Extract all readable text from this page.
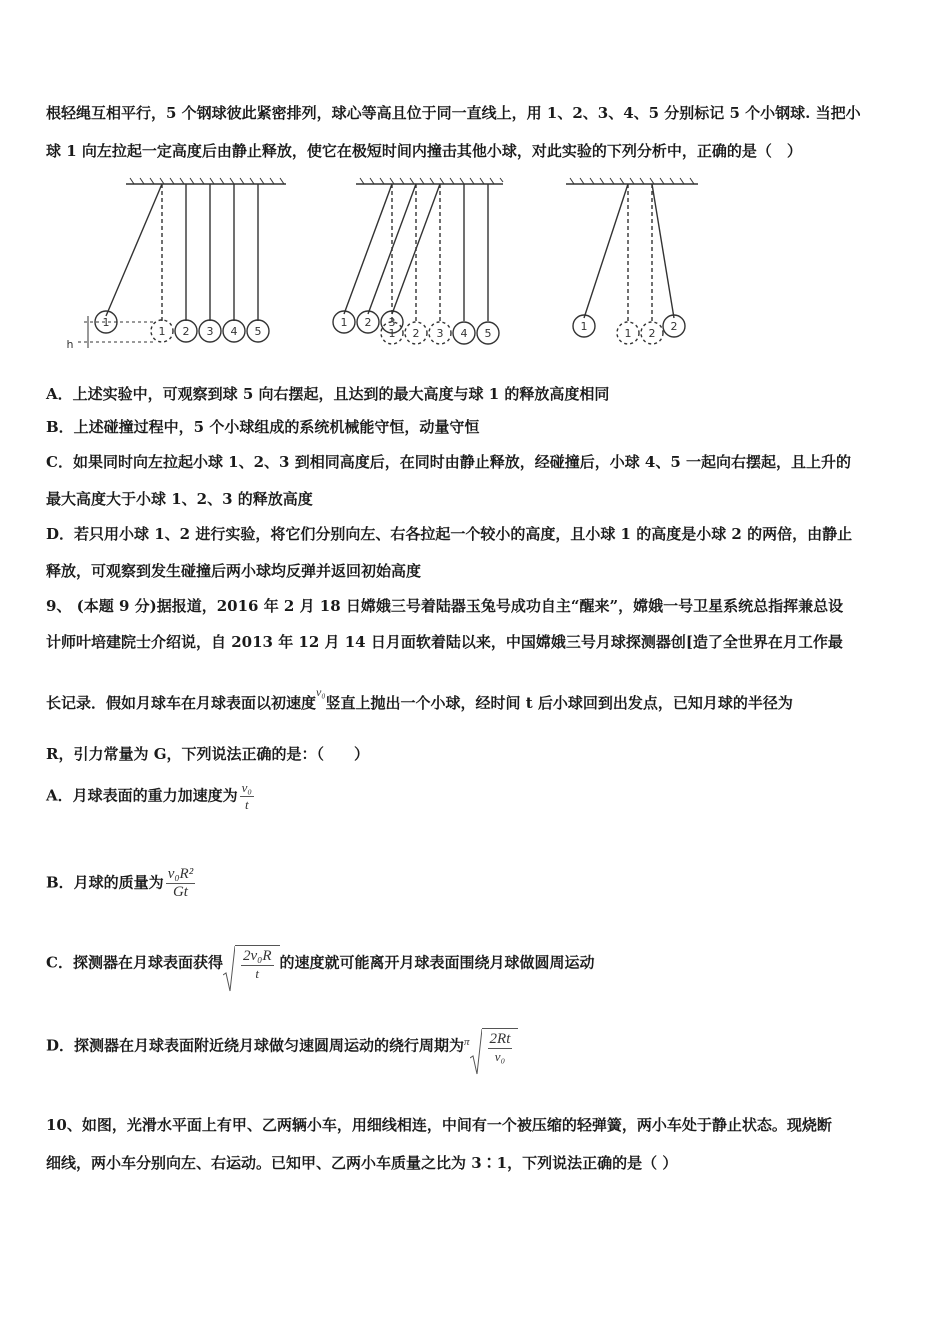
根轻绳互相平行，5 个钢球彼此紧密排列，球心等高且位于同一直线上，用 1、2、3、4、5 分别标记 5 个小钢球. 当把小
球 1 向左拉起一定高度后由静止释放，使它在极短时间内撞击其他小球，对此实验的下列分析中，正确的是（　）
h
1
1 2 3 4 5
1 2 3
1 2 3 4 5
1
1 2
2
A．上述实验中，可观察到球 5 向右摆起，且达到的最大高度与球 1 的释放高度相同
B．上述碰撞过程中，5 个小球组成的系统机械能守恒，动量守恒
C．如果同时向左拉起小球 1、2、3 到相同高度后，在同时由静止释放，经碰撞后，小球 4、5 一起向右摆起，且上升的
最大高度大于小球 1、2、3 的释放高度
D．若只用小球 1、2 进行实验，将它们分别向左、右各拉起一个较小的高度，且小球 1 的高度是小球 2 的两倍，由静止
释放，可观察到发生碰撞后两小球均反弹并返回初始高度
9、 (本题 9 分)据报道，2016 年 2 月 18 日嫦娥三号着陆器玉兔号成功自主“醒来”，嫦娥一号卫星系统总指挥兼总设
计师叶培建院士介绍说，自 2013 年 12 月 14 日月面软着陆以来，中国嫦娥三号月球探测器创[造了全世界在月工作最
长记录．假如月球车在月球表面以初速度$^{v_0}$竖直上抛出一个小球，经时间 t 后小球回到出发点，已知月球的半径为
R，引力常量为 G，下列说法正确的是：（　　）
A．月球表面的重力加速度为 $\frac{\text{v₀}}{t}$
B．月球的质量为 $\frac{\text{v₀R²}}{Gt}$
C．探测器在月球表面获得 $\frac{\text{2v₀R}}{t}$ 的速度就可能离开月球表面围绕月球做圆周运动
D．探测器在月球表面附近绕月球做匀速圆周运动的绕行周期为$^\pi \frac{2Rt}{\text{v₀}}$
10、如图，光滑水平面上有甲、乙两辆小车，用细线相连，中间有一个被压缩的轻弹簧，两小车处于静止状态。现烧断
细线，两小车分别向左、右运动。已知甲、乙两小车质量之比为 3∶1，下列说法正确的是（ ）
